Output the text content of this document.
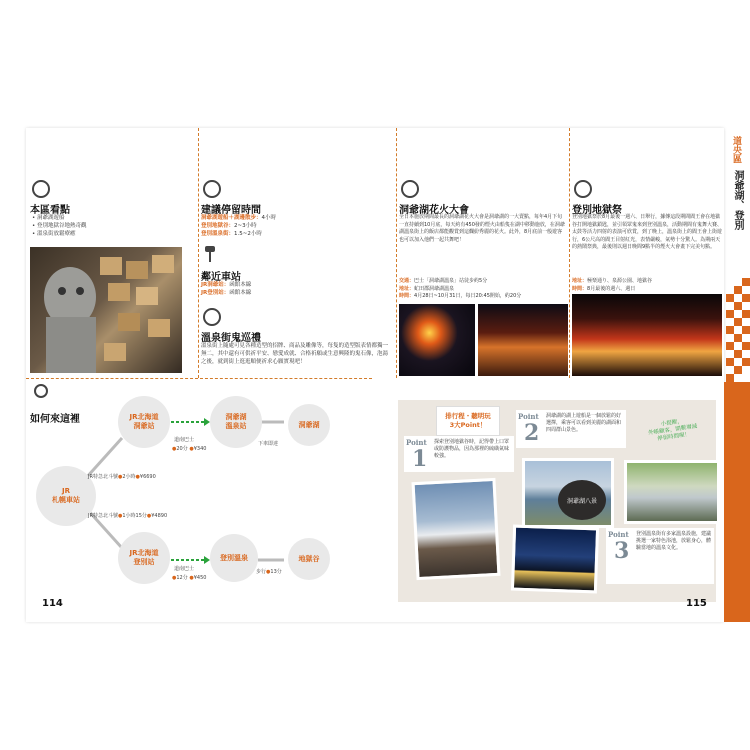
本區看點
• 洞爺湖遊船
• 登別地獄谷地熱奇觀
• 溫泉街放鬆療癒
建議停留時間
洞爺湖遊船＋湖邊散步：4小時
登別地獄谷：2~3小時
登別溫泉街：1.5~2小時
鄰近車站
JR洞爺站：函館本線
JR登別站：函館本線
溫泉街鬼巡禮
溫泉街上隨處可見各種造型的招牌、商品及雕像等，每隻的造型版表情都獨一無二，其中還有可供祈平安、戀愛成就、合格祈願或生意興隆的鬼石像，泡湯之後，就到街上逛逛順便祈求心願實現吧！
如何來這裡
JR
札幌車站
JR北海道
洞爺站
洞爺湖
溫泉站	洞爺湖
JR北海道
登別站
登別溫泉	地獄谷
道南巴士
●20分 ●¥340
下車即達
JR特急北斗號●2小時●¥6690
JR特急北斗號●1小時15分●¥4890
道南巴士
●12分 ●¥450
步行●13分
114
洞爺湖花火大會
全日本施放期間最長的洞爺湖花火大會是洞爺湖的一大賣點，每年4月下旬一直持續到10月底，每天約有450發的煙火由船隻在湖中移動施放，在洞爺湖溫泉街上的飯店都能觀賞到這爛紛秀麗的花火。此外，8月底前一般遊客也可以加入他們一起共舞吧！
交通：巴士「洞爺湖溫泉」站徒步約5分
地址：虻田郡洞爺湖溫泉
時間：4月28日~10月31日，每日20:45開始，約20分
登別地獄祭
登別地獄祭於8月最後一週六、日舉行，據傳這段期間閻王會在地獄谷打開地獄鎖匙，並引領眾鬼來到登別溫泉，活動期間有鬼舞大賽、太鼓等活力四射的表演可欣賞，到了晚上，溫泉街上的閻王會上街遊行，6公尺高的閻王目射紅光，表情嚴峻，氣勢十分驚人。為期兩天的熱鬧祭典，最後則以週日晚間9點半的煙火大會畫下完美句點。
地址：極楽通り、泉源公園、地獄谷
時間：8月最後的週六、週日
道央區
洞爺湖、登別
排行程・聽明玩
3大Point！
Point
1
探索登別地獄谷時，記得帶上口罩或防護物品，因為那裡的硫磺氣味較強。
Point
2
洞爺湖的湖上遊船是一個放鬆的好選擇，乘客可以看到美麗的湖面和四周群山景色。
洞爺湖八景
小提醒，
外帳顧客，開數增減
停留時間喔！
Point
3
登別溫泉街有多家溫泉設施，建議挑選一家特色浴池，放鬆身心，體驗當地的溫泉文化。
115
